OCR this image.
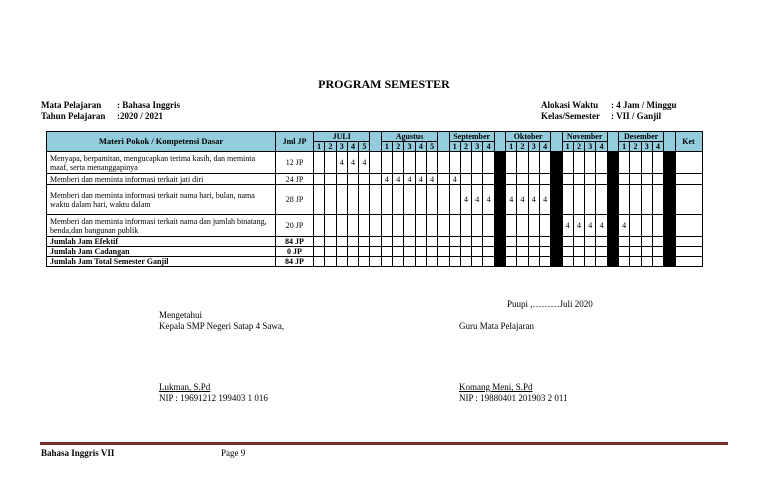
PROGRAM SEMESTER
Mata Pelajaran	: Bahasa Inggris
Tahun Pelajaran	:2020 / 2021
Alokasi Waktu	: 4 Jam / Minggu
Kelas/Semester	: VII / Ganjil
Materi Pokok / Kompetensi Dasar	Jml JP	JULI						Agustus						September					Oktober					November					Desember					Ket
		1	2	3	4	5		1	2	3	4	5		1	2	3	4		1	2	3	4		1	2	3	4		1	2	3	4		
Menyapa, berpamitan, mengucapkan terima kasih, dan meminta maaf, serta menanggapinya	12 JP			4	4	4																												
Memberi dan meminta informasi terkait jati diri	24 JP							4	4	4	4	4		4																				
Memberi dan meminta informasi terkait nama hari, bulan, nama waktu dalam hari, waktu dalam	28 JP														4	4	4		4	4	4	4												
Memberi dan meminta informasi terkait nama dan jumlah binatang, benda,dan bangunan publik	20 JP																							4	4	4	4		4					
Jumlah Jam Efektif	84 JP																																	
Jumlah Jam Cadangan	0 JP																																	
Jumlah Jam Total Semester Ganjil	84 JP																																	
Puupi ,………Juli 2020
Mengetahui
Kepala SMP Negeri Satap 4 Sawa,	Guru Mata Pelajaran
Lukman, S.Pd
NIP : 19691212 199403 1 016
Komang Meni, S.Pd
NIP : 19880401 201903 2 011
Bahasa Inggris VII	Page 9
